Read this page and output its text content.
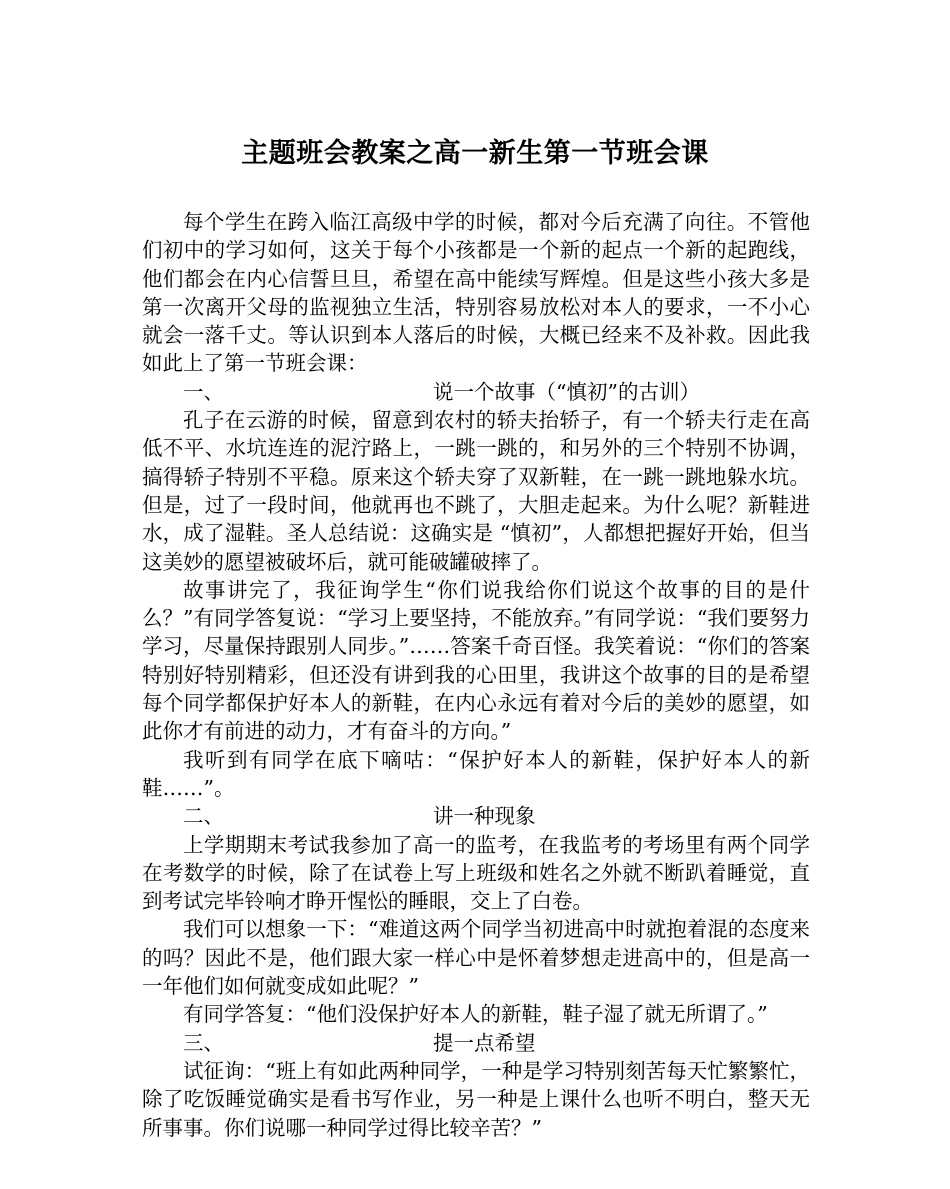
主题班会教案之高一新生第一节班会课

每个学生在跨入临江高级中学的时候，都对今后充满了向往。不管他们初中的学习如何，这关于每个小孩都是一个新的起点一个新的起跑线，他们都会在内心信誓旦旦，希望在高中能续写辉煌。但是这些小孩大多是第一次离开父母的监视独立生活，特别容易放松对本人的要求，一不小心就会一落千丈。等认识到本人落后的时候，大概已经来不及补救。因此我如此上了第一节班会课：

一、	说一个故事（“慎初”的古训）

孔子在云游的时候，留意到农村的轿夫抬轿子，有一个轿夫行走在高低不平、水坑连连的泥泞路上，一跳一跳的，和另外的三个特别不协调，搞得轿子特别不平稳。原来这个轿夫穿了双新鞋，在一跳一跳地躲水坑。但是，过了一段时间，他就再也不跳了，大胆走起来。为什么呢？新鞋进水，成了湿鞋。圣人总结说：这确实是 “慎初”，人都想把握好开始，但当这美妙的愿望被破坏后，就可能破罐破摔了。

故事讲完了，我征询学生“你们说我给你们说这个故事的目的是什么？”有同学答复说：“学习上要坚持，不能放弃。”有同学说：“我们要努力学习，尽量保持跟别人同步。”……答案千奇百怪。我笑着说：“你们的答案特别好特别精彩，但还没有讲到我的心田里，我讲这个故事的目的是希望每个同学都保护好本人的新鞋，在内心永远有着对今后的美妙的愿望，如此你才有前进的动力，才有奋斗的方向。”

我听到有同学在底下嘀咕：“保护好本人的新鞋，保护好本人的新鞋……”。

二、	讲一种现象

上学期期末考试我参加了高一的监考，在我监考的考场里有两个同学在考数学的时候，除了在试卷上写上班级和姓名之外就不断趴着睡觉，直到考试完毕铃响才睁开惺忪的睡眼，交上了白卷。

我们可以想象一下：“难道这两个同学当初进高中时就抱着混的态度来的吗？因此不是，他们跟大家一样心中是怀着梦想走进高中的，但是高一一年他们如何就变成如此呢？”

有同学答复：“他们没保护好本人的新鞋，鞋子湿了就无所谓了。”

三、	提一点希望

试征询：“班上有如此两种同学，一种是学习特别刻苦每天忙繁繁忙，除了吃饭睡觉确实是看书写作业，另一种是上课什么也听不明白，整天无所事事。你们说哪一种同学过得比较辛苦？”
